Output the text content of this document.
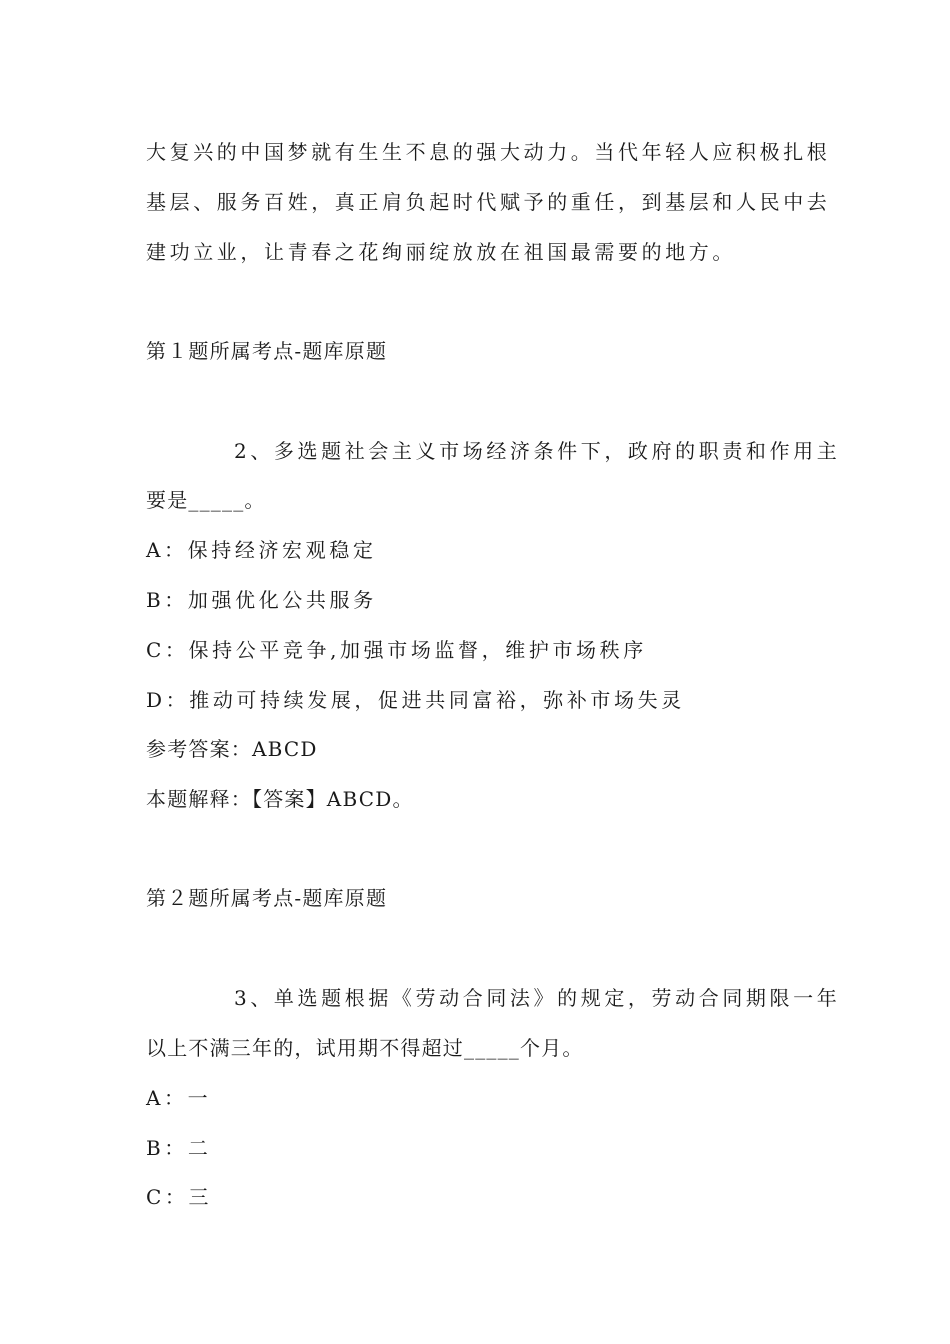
大复兴的中国梦就有生生不息的强大动力。当代年轻人应积极扎根
基层、服务百姓，真正肩负起时代赋予的重任，到基层和人民中去
建功立业，让青春之花绚丽绽放放在祖国最需要的地方。
第１题所属考点-题库原题
2、多选题社会主义市场经济条件下，政府的职责和作用主
要是_____。
A：保持经济宏观稳定
B：加强优化公共服务
C：保持公平竞争,加强市场监督，维护市场秩序
D：推动可持续发展，促进共同富裕，弥补市场失灵
参考答案：ABCD
本题解释：【答案】ABCD。
第２题所属考点-题库原题
3、单选题根据《劳动合同法》的规定，劳动合同期限一年
以上不满三年的，试用期不得超过_____个月。
A：一
B：二
C：三
